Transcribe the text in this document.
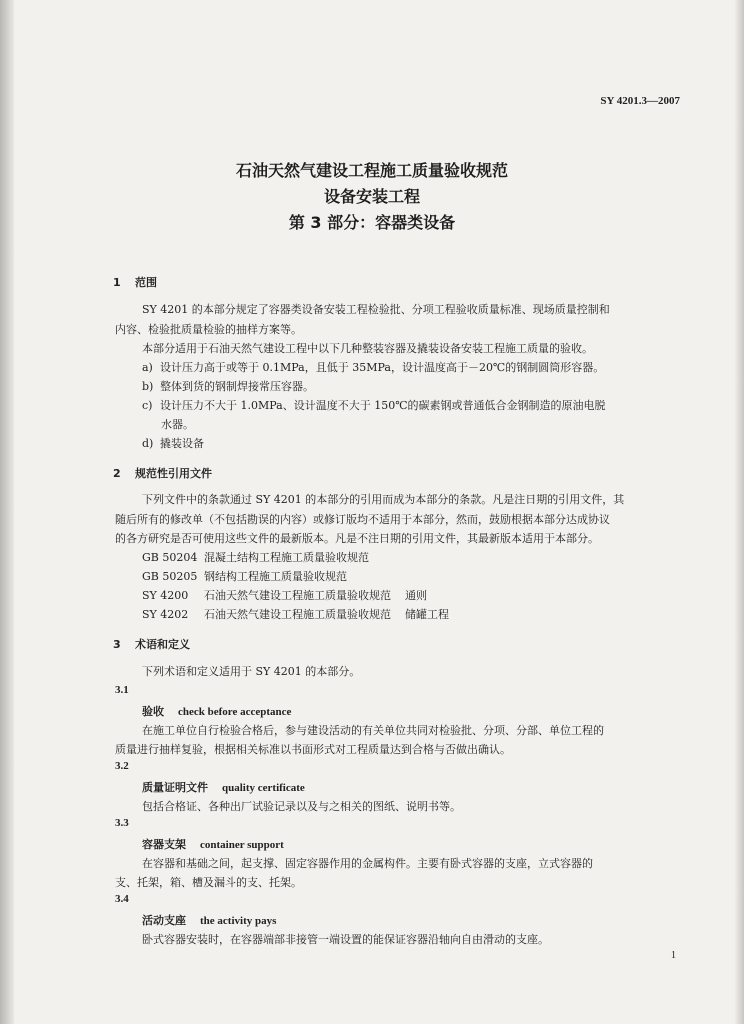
SY 4201.3—2007
石油天然气建设工程施工质量验收规范
设备安装工程
第 3 部分：容器类设备
1 范围
SY 4201 的本部分规定了容器类设备安装工程检验批、分项工程验收质量标准、现场质量控制和
内容、检验批质量检验的抽样方案等。
本部分适用于石油天然气建设工程中以下几种整装容器及撬装设备安装工程施工质量的验收。
a) 设计压力高于或等于 0.1MPa，且低于 35MPa，设计温度高于－20℃的钢制圆筒形容器。
b) 整体到货的钢制焊接常压容器。
c) 设计压力不大于 1.0MPa、设计温度不大于 150℃的碳素钢或普通低合金钢制造的原油电脱
水器。
d) 撬装设备
2 规范性引用文件
下列文件中的条款通过 SY 4201 的本部分的引用而成为本部分的条款。凡是注日期的引用文件，其
随后所有的修改单（不包括勘误的内容）或修订版均不适用于本部分，然而，鼓励根据本部分达成协议
的各方研究是否可使用这些文件的最新版本。凡是不注日期的引用文件，其最新版本适用于本部分。
GB 50204 混凝土结构工程施工质量验收规范
GB 50205 钢结构工程施工质量验收规范
SY 4200 石油天然气建设工程施工质量验收规范 通则
SY 4202 石油天然气建设工程施工质量验收规范 储罐工程
3 术语和定义
下列术语和定义适用于 SY 4201 的本部分。
3.1
验收 check before acceptance
在施工单位自行检验合格后，参与建设活动的有关单位共同对检验批、分项、分部、单位工程的
质量进行抽样复验，根据相关标准以书面形式对工程质量达到合格与否做出确认。
3.2
质量证明文件 quality certificate
包括合格证、各种出厂试验记录以及与之相关的图纸、说明书等。
3.3
容器支架 container support
在容器和基础之间，起支撑、固定容器作用的金属构件。主要有卧式容器的支座，立式容器的
支、托架，箱、槽及漏斗的支、托架。
3.4
活动支座 the activity pays
卧式容器安装时，在容器端部非接管一端设置的能保证容器沿轴向自由滑动的支座。
1
